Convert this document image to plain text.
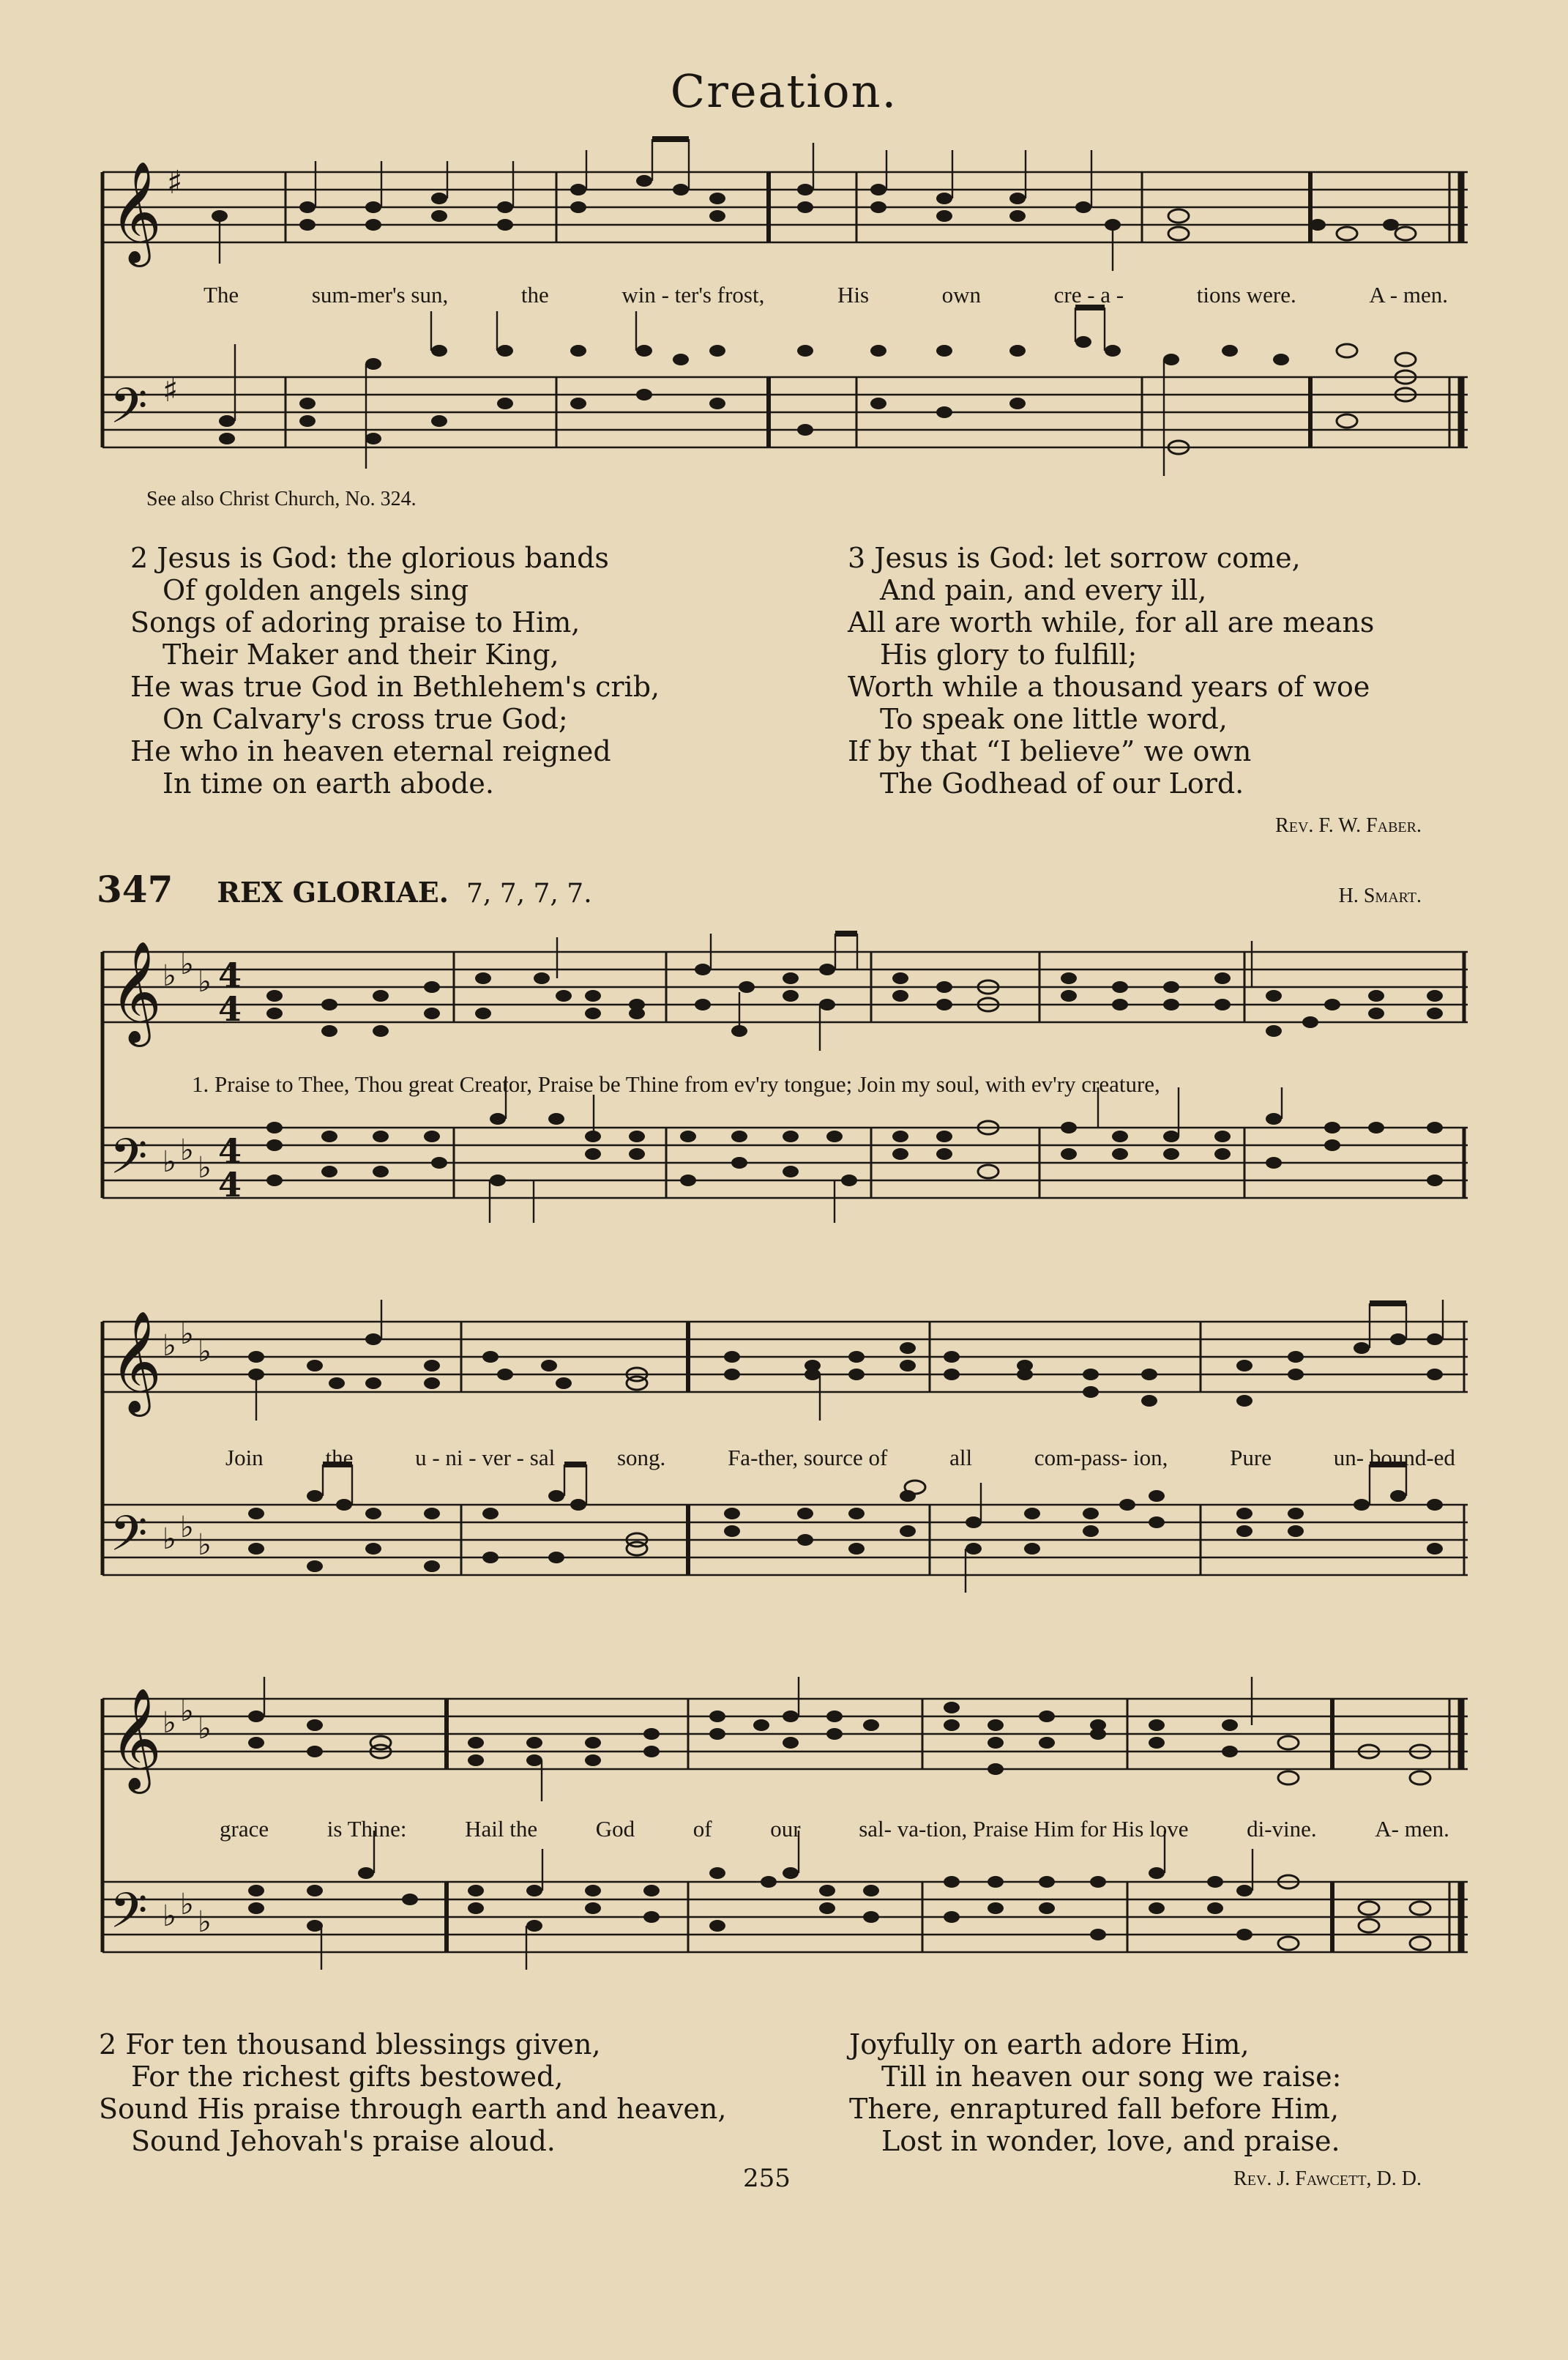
Creation.
𝄞 ♯
𝄢 ♯
The	sum-mer's sun,	the	win - ter's frost,	His	own	cre - a -	tions were.	A - men.
See also Christ Church, No. 324.
2 Jesus is God: the glorious bands
Of golden angels sing
Songs of adoring praise to Him,
Their Maker and their King,
He was true God in Bethlehem's crib,
On Calvary's cross true God;
He who in heaven eternal reigned
In time on earth abode.
3 Jesus is God: let sorrow come,
And pain, and every ill,
All are worth while, for all are means
His glory to fulfill;
Worth while a thousand years of woe
To speak one little word,
If by that “I believe” we own
The Godhead of our Lord.
Rev. F. W. Faber.
347 REX GLORIAE. 7, 7, 7, 7.	H. Smart.
𝄞 ♭ ♭
♭ 4
4
𝄢 ♭ ♭
♭ 4
4
1. Praise to Thee, Thou great Creator, Praise be Thine from ev'ry tongue; Join my soul, with ev'ry creature,
𝄞 ♭ ♭
♭
𝄢 ♭ ♭
♭
Join	the	u - ni - ver - sal	song.	Fa-ther, source of	all	com-pass- ion,	Pure	un- bound-ed
𝄞 ♭ ♭
♭
𝄢 ♭ ♭
♭
grace	is Thine:	Hail the	God	of	our	sal- va-tion, Praise Him for His love	di-vine.	A- men.
2 For ten thousand blessings given,
For the richest gifts bestowed,
Sound His praise through earth and heaven,
Sound Jehovah's praise aloud.
Joyfully on earth adore Him,
Till in heaven our song we raise:
There, enraptured fall before Him,
Lost in wonder, love, and praise.
255	Rev. J. Fawcett, D. D.
